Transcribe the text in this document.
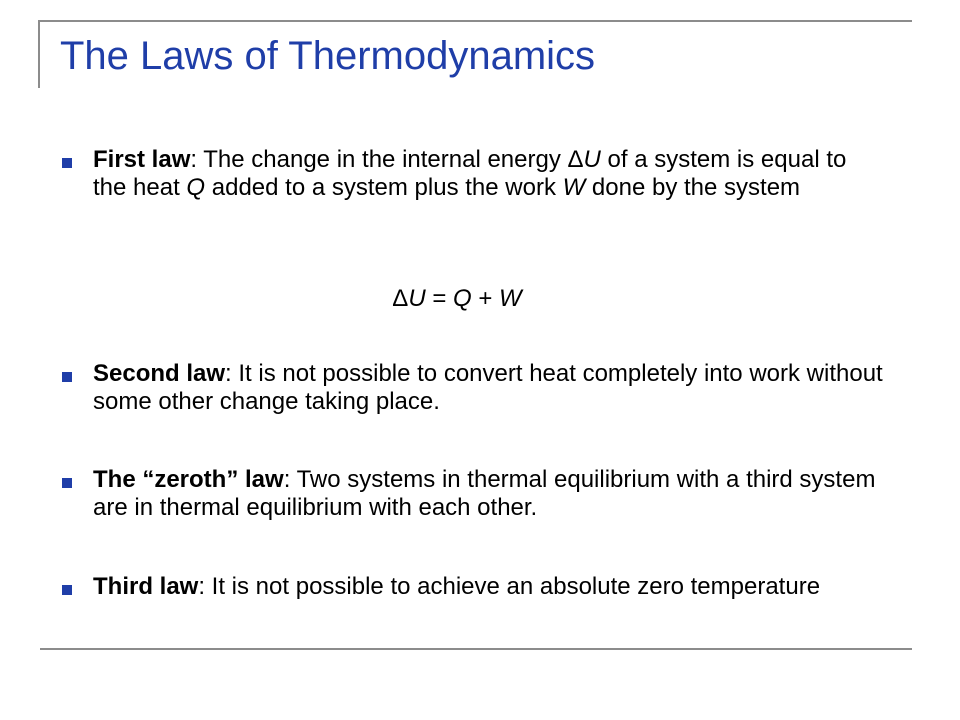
The Laws of Thermodynamics
First law: The change in the internal energy ΔU of a system is equal to the heat Q added to a system plus the work W done by the system
Second law: It is not possible to convert heat completely into work without some other change taking place.
The “zeroth” law: Two systems in thermal equilibrium with a third system are in thermal equilibrium with each other.
Third law: It is not possible to achieve an absolute zero temperature
ΔU = Q + W
